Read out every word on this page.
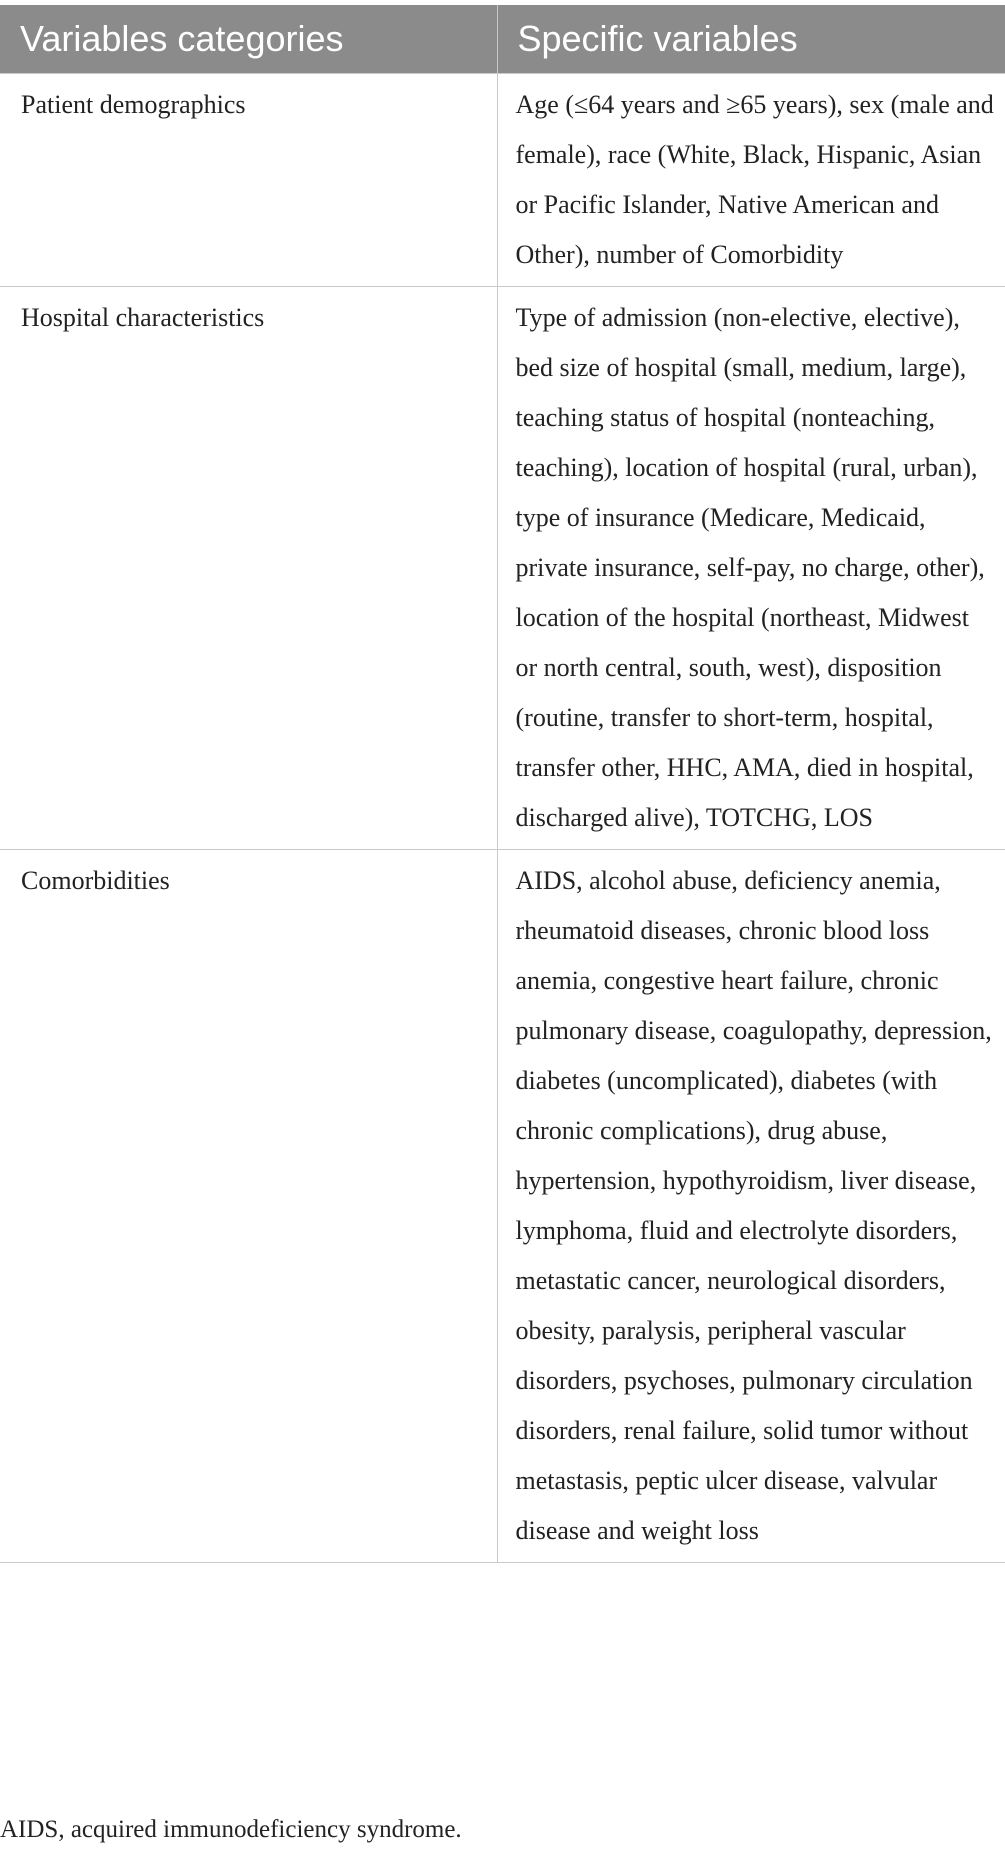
Variables categories	Specific variables
Patient demographics	Age (≤64 years and ≥65 years), sex (male and female), race (White, Black, Hispanic, Asian or Pacific Islander, Native American and Other), number of Comorbidity
Hospital characteristics	Type of admission (non-elective, elective), bed size of hospital (small, medium, large), teaching status of hospital (nonteaching, teaching), location of hospital (rural, urban), type of insurance (Medicare, Medicaid, private insurance, self-pay, no charge, other), location of the hospital (northeast, Midwest or north central, south, west), disposition (routine, transfer to short-term, hospital, transfer other, HHC, AMA, died in hospital, discharged alive), TOTCHG, LOS
Comorbidities	AIDS, alcohol abuse, deficiency anemia, rheumatoid diseases, chronic blood loss anemia, congestive heart failure, chronic pulmonary disease, coagulopathy, depression, diabetes (uncomplicated), diabetes (with chronic complications), drug abuse, hypertension, hypothyroidism, liver disease, lymphoma, fluid and electrolyte disorders, metastatic cancer, neurological disorders, obesity, paralysis, peripheral vascular disorders, psychoses, pulmonary circulation disorders, renal failure, solid tumor without metastasis, peptic ulcer disease, valvular disease and weight loss
AIDS, acquired immunodeficiency syndrome.
